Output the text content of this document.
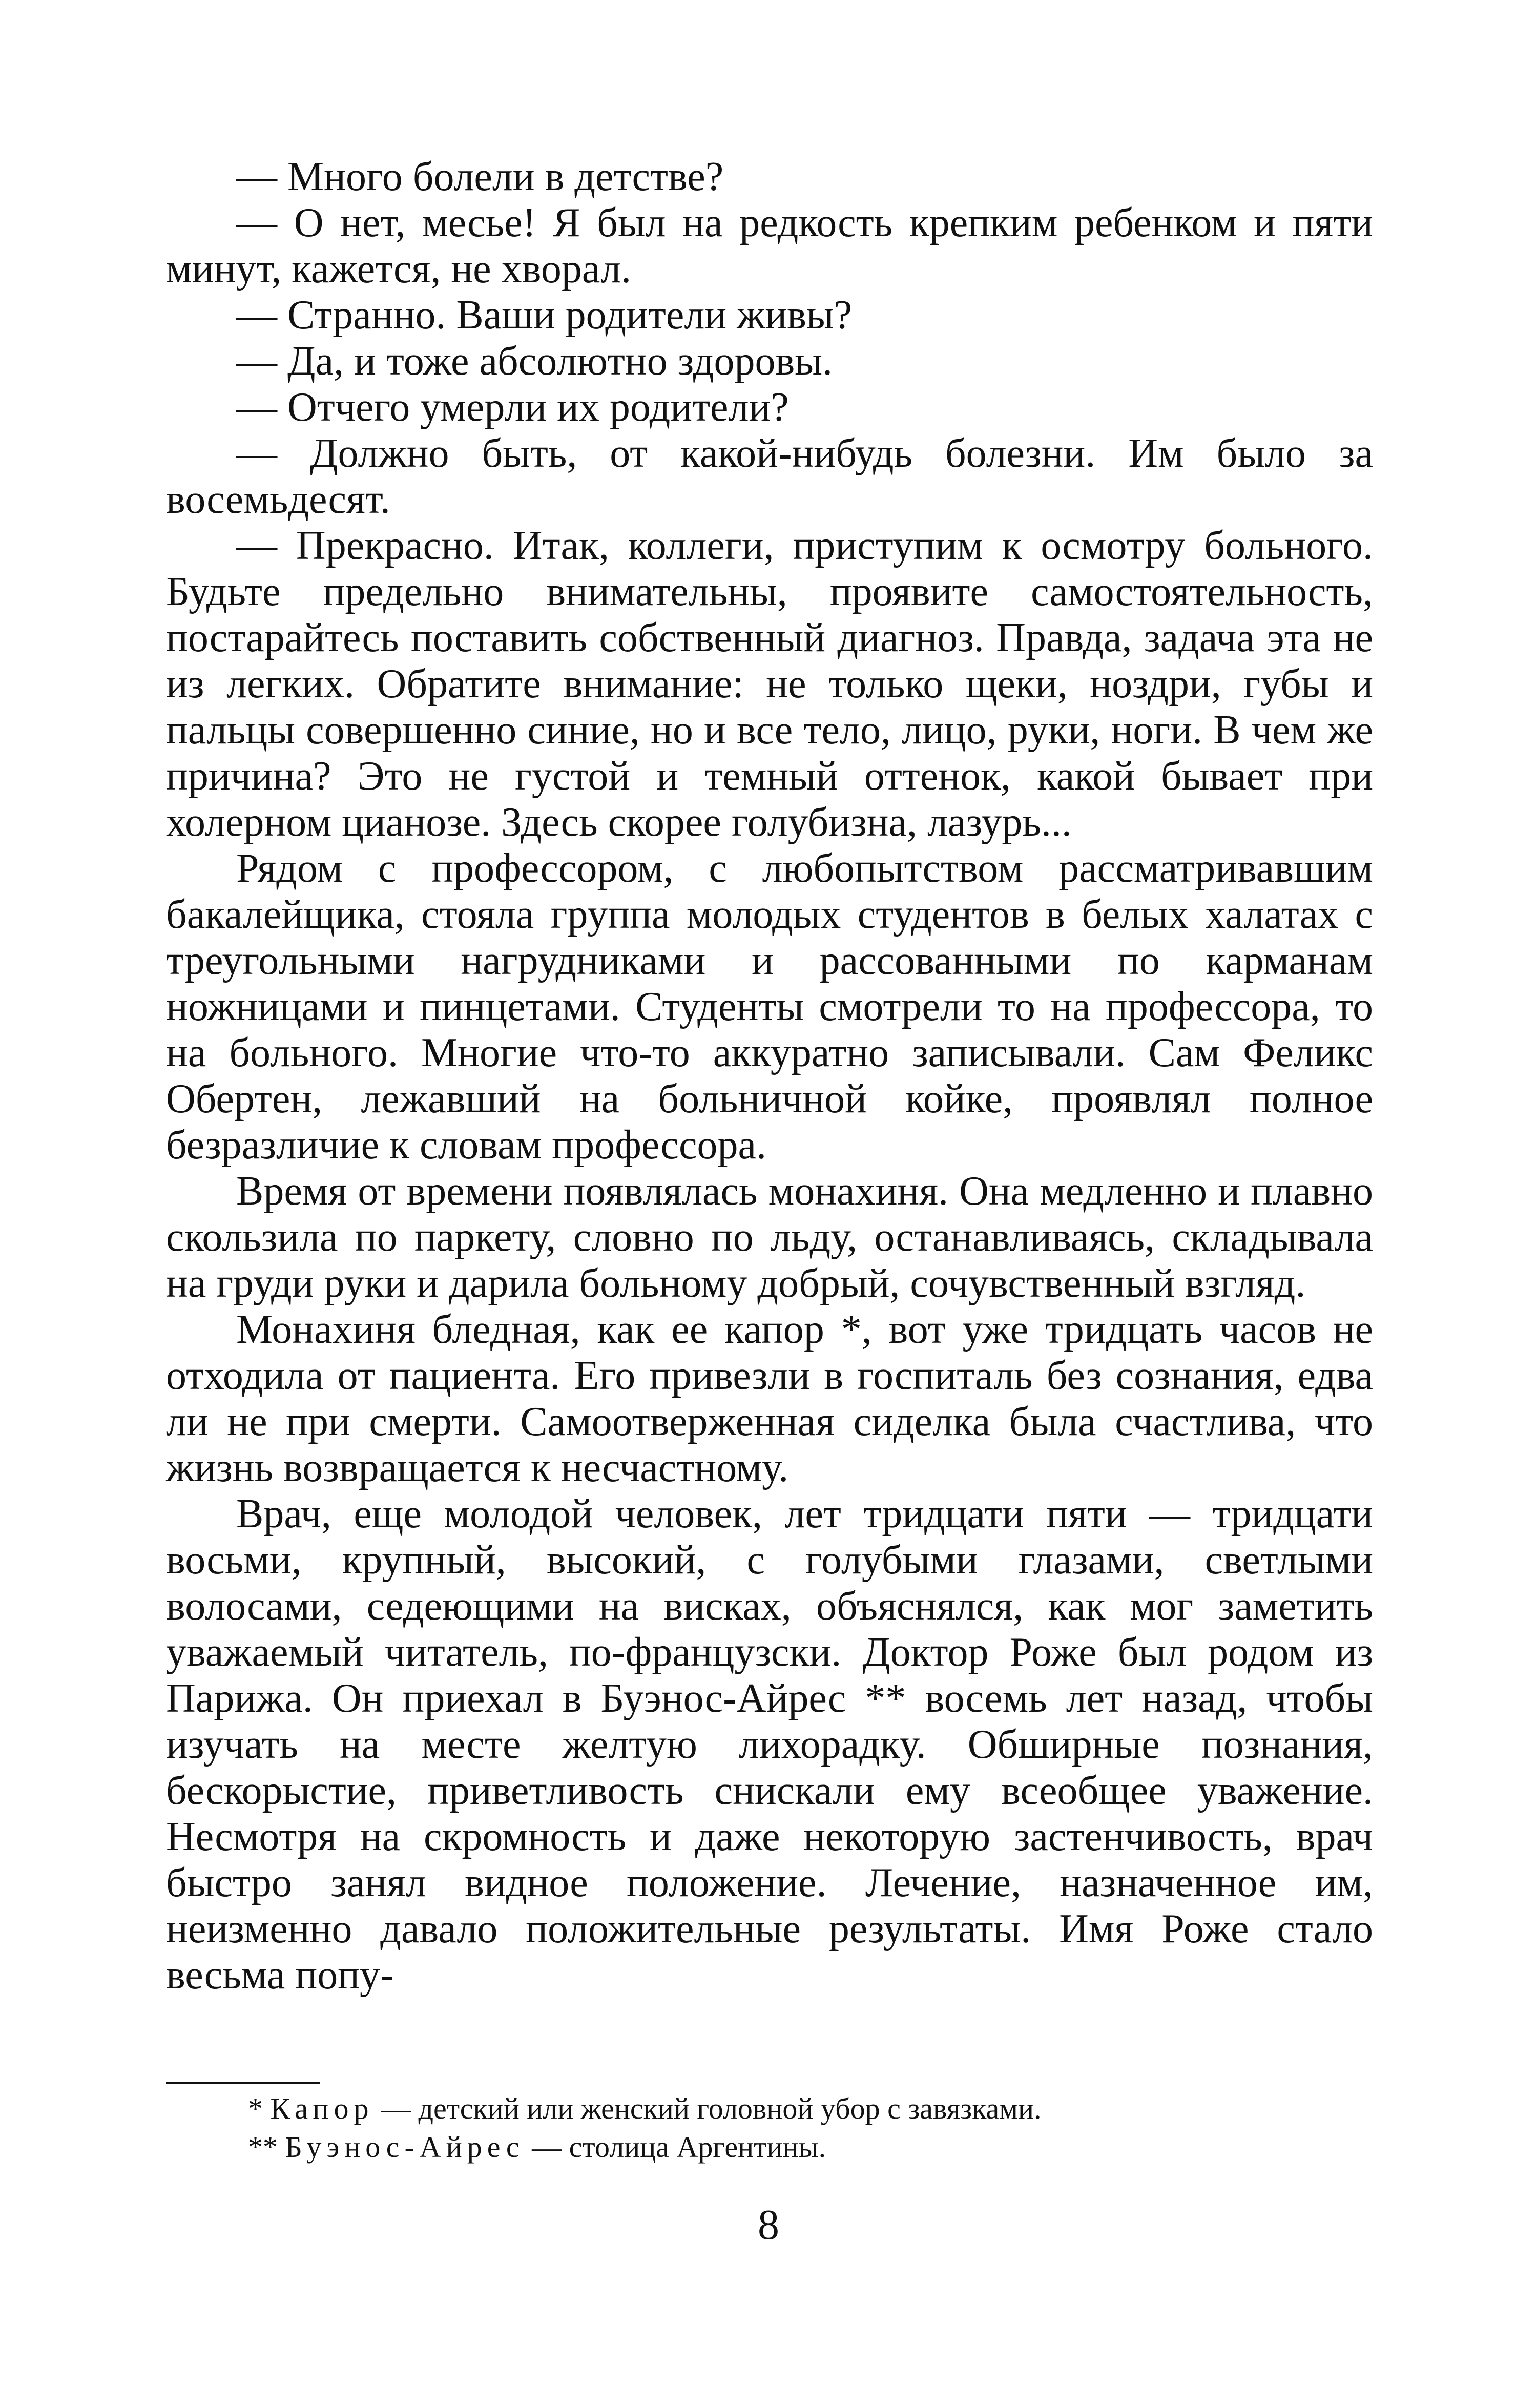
— Много болели в детстве?

— О нет, месье! Я был на редкость крепким ребенком и пяти минут, кажется, не хворал.

— Странно. Ваши родители живы?

— Да, и тоже абсолютно здоровы.

— Отчего умерли их родители?

— Должно быть, от какой-нибудь болезни. Им было за восемьдесят.

— Прекрасно. Итак, коллеги, приступим к осмотру больного. Будьте предельно внимательны, проявите самостоятельность, постарайтесь поставить собственный диагноз. Правда, задача эта не из легких. Обратите внимание: не только щеки, ноздри, губы и пальцы совершенно синие, но и все тело, лицо, руки, ноги. В чем же причина? Это не густой и темный оттенок, какой бывает при холерном цианозе. Здесь скорее голубизна, лазурь...

Рядом с профессором, с любопытством рассматривавшим бакалейщика, стояла группа молодых студентов в белых халатах с треугольными нагрудниками и рассованными по карманам ножницами и пинцетами. Студенты смотрели то на профессора, то на больного. Многие что-то аккуратно записывали. Сам Феликс Обертен, лежавший на больничной койке, проявлял полное безразличие к словам профессора.

Время от времени появлялась монахиня. Она медленно и плавно скользила по паркету, словно по льду, останавливаясь, складывала на груди руки и дарила больному добрый, сочувственный взгляд.

Монахиня бледная, как ее капор *, вот уже тридцать часов не отходила от пациента. Его привезли в госпиталь без сознания, едва ли не при смерти. Самоотверженная сиделка была счастлива, что жизнь возвращается к несчастному.

Врач, еще молодой человек, лет тридцати пяти — тридцати восьми, крупный, высокий, с голубыми глазами, светлыми волосами, седеющими на висках, объяснялся, как мог заметить уважаемый читатель, по-французски. Доктор Роже был родом из Парижа. Он приехал в Буэнос-Айрес ** восемь лет назад, чтобы изучать на месте желтую лихорадку. Обширные познания, бескорыстие, приветливость снискали ему всеобщее уважение. Несмотря на скромность и даже некоторую застенчивость, врач быстро занял видное положение. Лечение, назначенное им, неизменно давало положительные результаты. Имя Роже стало весьма попу-

* Капор — детский или женский головной убор с завязками.

** Буэнос-Айрес — столица Аргентины.

8
